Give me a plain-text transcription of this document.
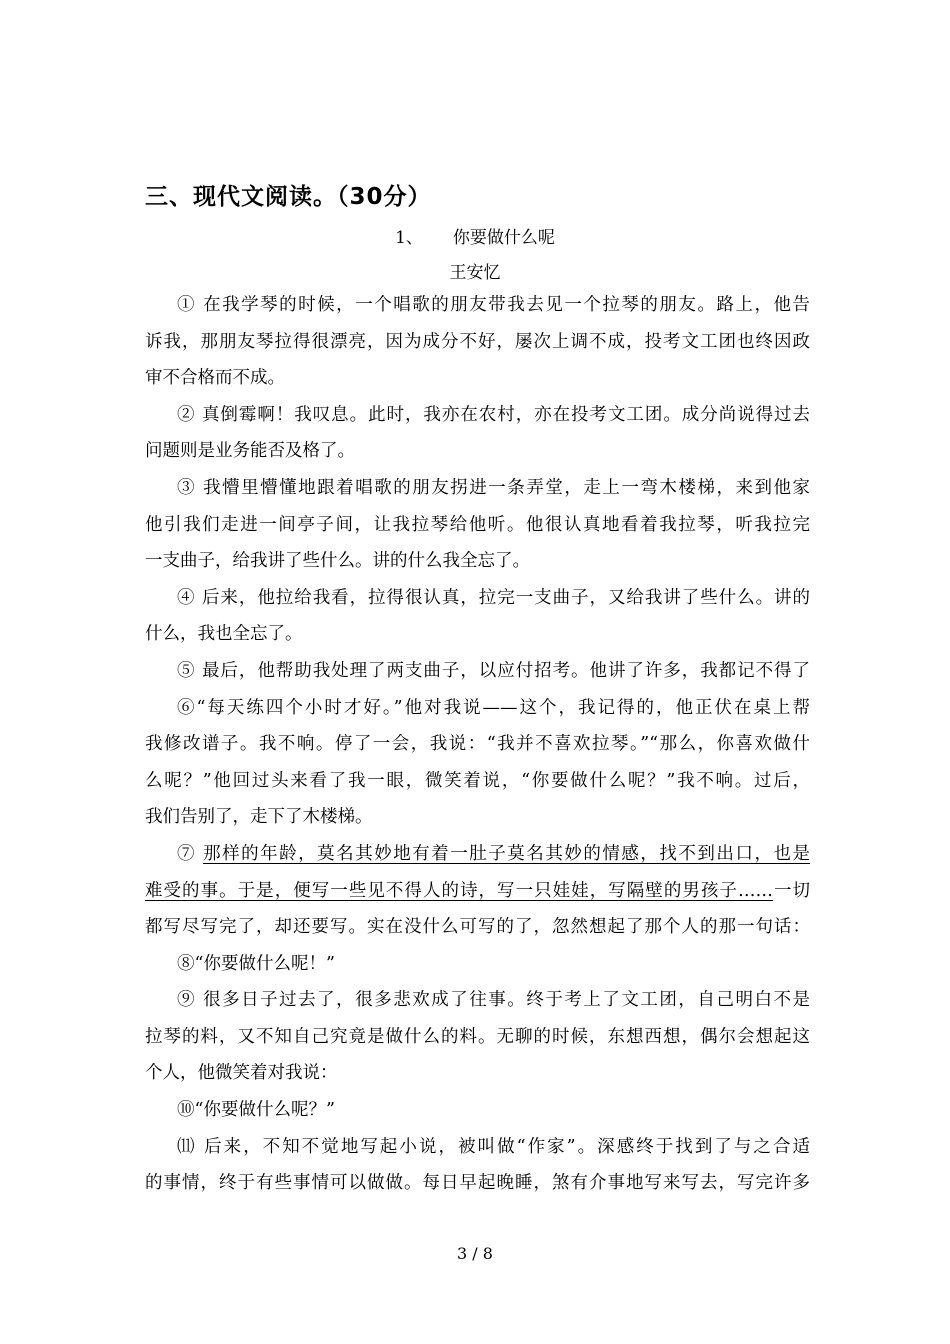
三、现代文阅读。（30分）
1、 你要做什么呢
王安忆
① 在我学琴的时候，一个唱歌的朋友带我去见一个拉琴的朋友。路上，他告
诉我，那朋友琴拉得很漂亮，因为成分不好，屡次上调不成，投考文工团也终因政
审不合格而不成。
② 真倒霉啊！我叹息。此时，我亦在农村，亦在投考文工团。成分尚说得过去
问题则是业务能否及格了。
③ 我懵里懵懂地跟着唱歌的朋友拐进一条弄堂，走上一弯木楼梯，来到他家
他引我们走进一间亭子间，让我拉琴给他听。他很认真地看着我拉琴，听我拉完
一支曲子，给我讲了些什么。讲的什么我全忘了。
④ 后来，他拉给我看，拉得很认真，拉完一支曲子，又给我讲了些什么。讲的
什么，我也全忘了。
⑤ 最后，他帮助我处理了两支曲子，以应付招考。他讲了许多，我都记不得了
⑥“每天练四个小时才好。”他对我说——这个，我记得的，他正伏在桌上帮
我修改谱子。我不响。停了一会，我说：“我并不喜欢拉琴。”“那么，你喜欢做什
么呢？”他回过头来看了我一眼，微笑着说，“你要做什么呢？”我不响。过后，
我们告别了，走下了木楼梯。
⑦ 那样的年龄，莫名其妙地有着一肚子莫名其妙的情感，找不到出口，也是
难受的事。于是，便写一些见不得人的诗，写一只娃娃，写隔壁的男孩子……一切
都写尽写完了，却还要写。实在没什么可写的了，忽然想起了那个人的那一句话：
⑧“你要做什么呢！”
⑨ 很多日子过去了，很多悲欢成了往事。终于考上了文工团，自己明白不是
拉琴的料，又不知自己究竟是做什么的料。无聊的时候，东想西想，偶尔会想起这
个人，他微笑着对我说：
⑩“你要做什么呢？”
⑾ 后来，不知不觉地写起小说，被叫做“作家”。深感终于找到了与之合适
的事情，终于有些事情可以做做。每日早起晚睡，煞有介事地写来写去，写完许多
3 / 8
